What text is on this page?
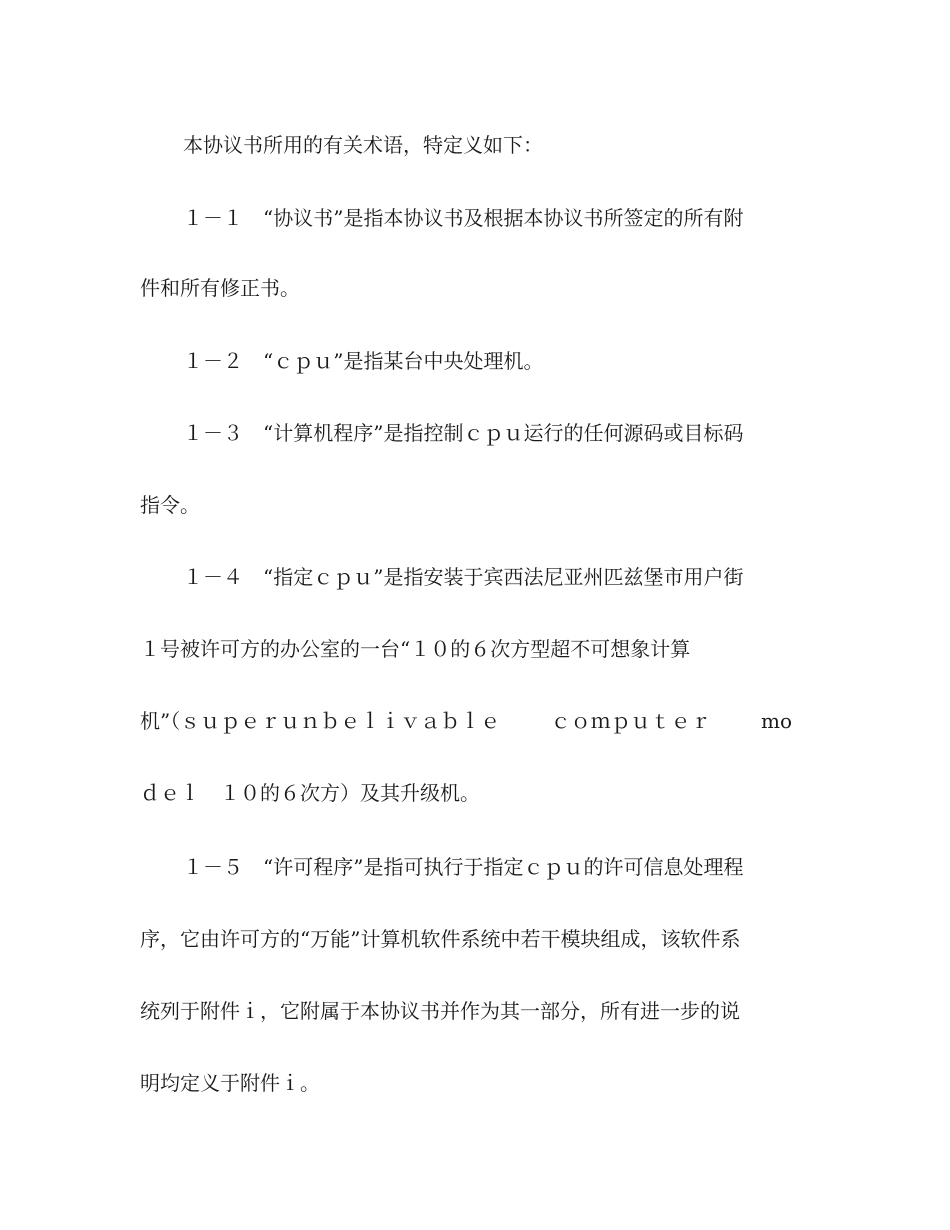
本协议书所用的有关术语，特定义如下：
１－１　“协议书”是指本协议书及根据本协议书所签定的所有附
件和所有修正书。
１－２　“ｃｐｕ”是指某台中央处理机。
１－３　“计算机程序”是指控制ｃｐｕ运行的任何源码或目标码
指令。
１－４　“指定ｃｐｕ”是指安装于宾西法尼亚州匹兹堡市用户街
１号被许可方的办公室的一台“１０的６次方型超不可想象计算
机”（ｓｕｐｅｒｕｎｂｅｌｉｖａｂｌｅ	ｃｏｍｐｕｔｅｒ	mo
ｄｅｌ　１０的６次方）及其升级机。
１－５　“许可程序”是指可执行于指定ｃｐｕ的许可信息处理程
序，它由许可方的“万能”计算机软件系统中若干模块组成，该软件系
统列于附件ｉ，它附属于本协议书并作为其一部分，所有进一步的说
明均定义于附件ｉ。
